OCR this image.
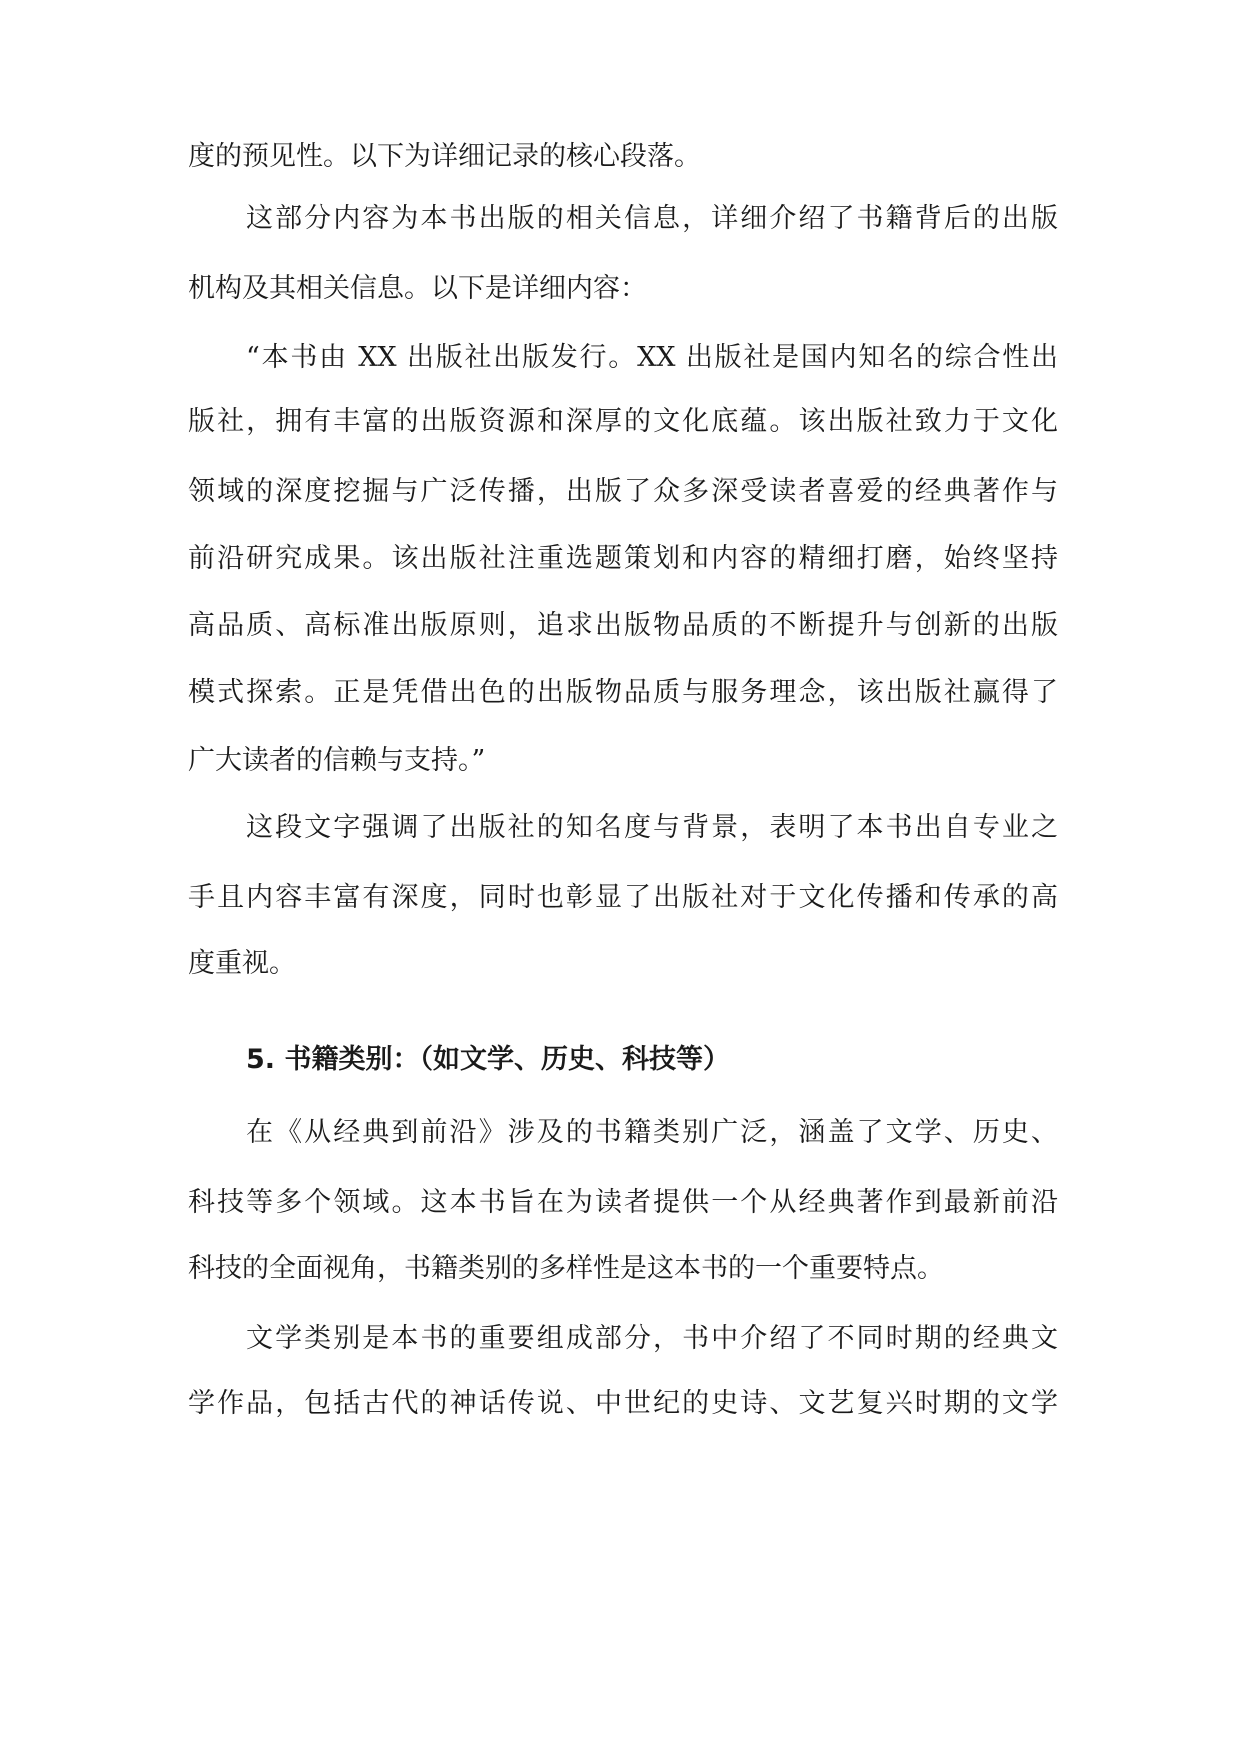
度的预见性。以下为详细记录的核心段落。
这部分内容为本书出版的相关信息，详细介绍了书籍背后的出版
机构及其相关信息。以下是详细内容：
“本书由 XX 出版社出版发行。XX 出版社是国内知名的综合性出
版社，拥有丰富的出版资源和深厚的文化底蕴。该出版社致力于文化
领域的深度挖掘与广泛传播，出版了众多深受读者喜爱的经典著作与
前沿研究成果。该出版社注重选题策划和内容的精细打磨，始终坚持
高品质、高标准出版原则，追求出版物品质的不断提升与创新的出版
模式探索。正是凭借出色的出版物品质与服务理念，该出版社赢得了
广大读者的信赖与支持。”
这段文字强调了出版社的知名度与背景，表明了本书出自专业之
手且内容丰富有深度，同时也彰显了出版社对于文化传播和传承的高
度重视。
5. 书籍类别：（如文学、历史、科技等）
在《从经典到前沿》涉及的书籍类别广泛，涵盖了文学、历史、
科技等多个领域。这本书旨在为读者提供一个从经典著作到最新前沿
科技的全面视角，书籍类别的多样性是这本书的一个重要特点。
文学类别是本书的重要组成部分，书中介绍了不同时期的经典文
学作品，包括古代的神话传说、中世纪的史诗、文艺复兴时期的文学
